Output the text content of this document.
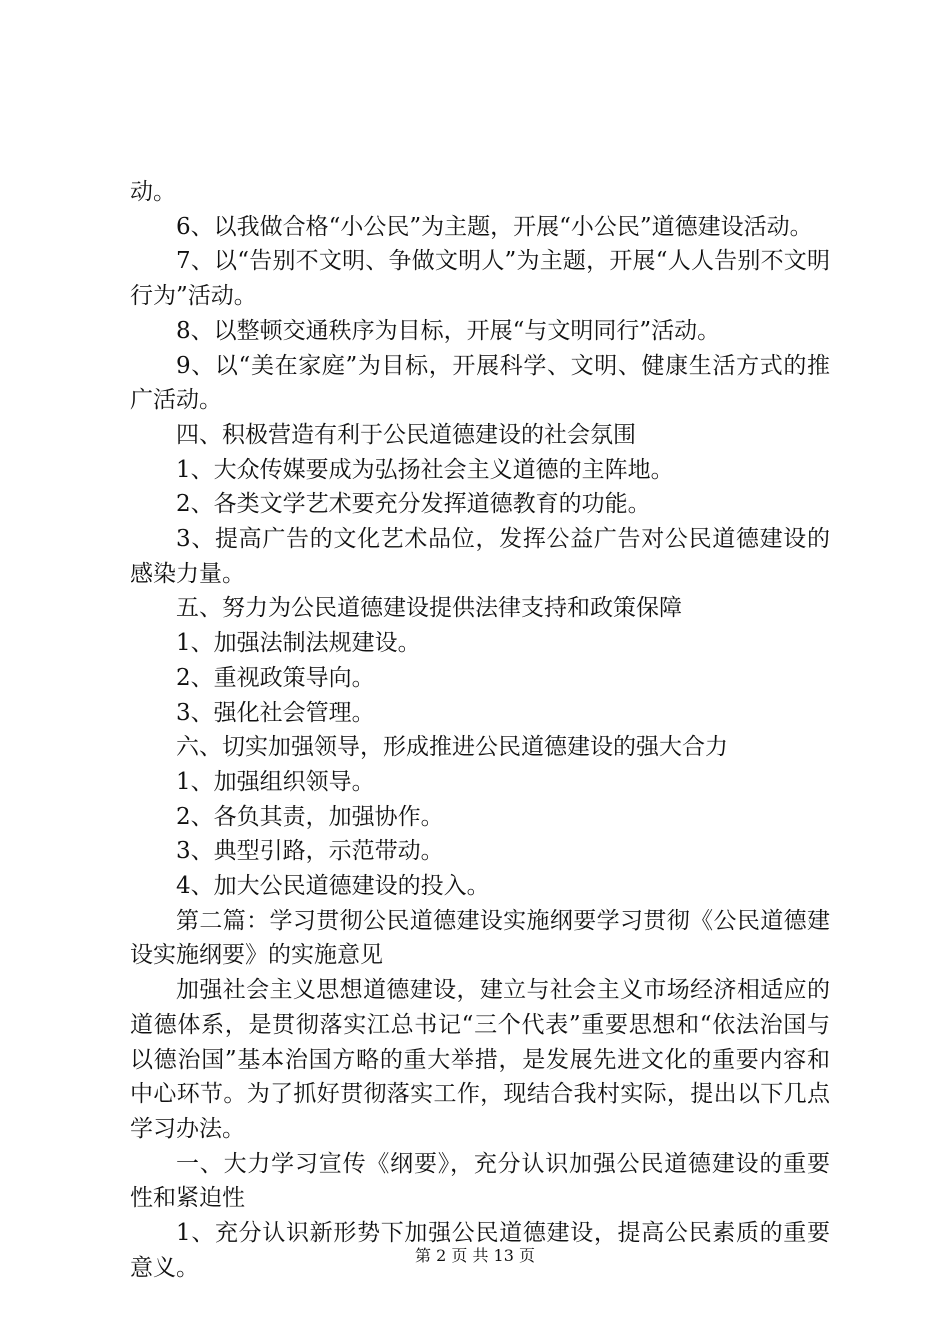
动。

6、以我做合格“小公民”为主题，开展“小公民”道德建设活动。

7、以“告别不文明、争做文明人”为主题，开展“人人告别不文明行为”活动。

8、以整顿交通秩序为目标，开展“与文明同行”活动。

9、以“美在家庭”为目标，开展科学、文明、健康生活方式的推广活动。

四、积极营造有利于公民道德建设的社会氛围

1、大众传媒要成为弘扬社会主义道德的主阵地。

2、各类文学艺术要充分发挥道德教育的功能。

3、提高广告的文化艺术品位，发挥公益广告对公民道德建设的感染力量。

五、努力为公民道德建设提供法律支持和政策保障

1、加强法制法规建设。

2、重视政策导向。

3、强化社会管理。

六、切实加强领导，形成推进公民道德建设的强大合力

1、加强组织领导。

2、各负其责，加强协作。

3、典型引路，示范带动。

4、加大公民道德建设的投入。

第二篇：学习贯彻公民道德建设实施纲要学习贯彻《公民道德建设实施纲要》的实施意见

加强社会主义思想道德建设，建立与社会主义市场经济相适应的道德体系，是贯彻落实江总书记“三个代表”重要思想和“依法治国与以德治国”基本治国方略的重大举措，是发展先进文化的重要内容和中心环节。为了抓好贯彻落实工作，现结合我村实际，提出以下几点学习办法。

一、大力学习宣传《纲要》，充分认识加强公民道德建设的重要性和紧迫性

1、充分认识新形势下加强公民道德建设，提高公民素质的重要意义。	第 2 页 共 13 页
